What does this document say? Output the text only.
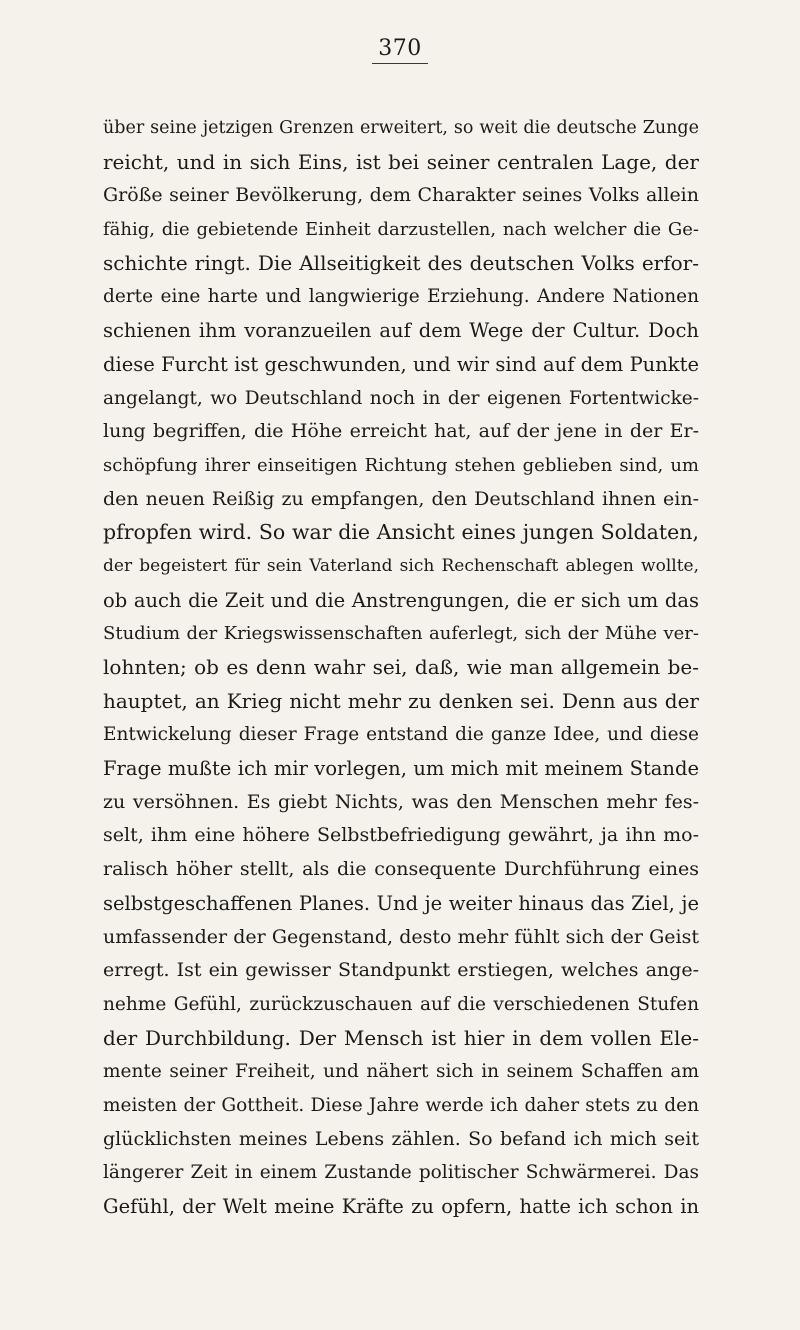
370
über seine jetzigen Grenzen erweitert, so weit die deutsche Zunge
reicht, und in sich Eins, ist bei seiner centralen Lage, der
Größe seiner Bevölkerung, dem Charakter seines Volks allein
fähig, die gebietende Einheit darzustellen, nach welcher die Ge-
schichte ringt. Die Allseitigkeit des deutschen Volks erfor-
derte eine harte und langwierige Erziehung. Andere Nationen
schienen ihm voranzueilen auf dem Wege der Cultur. Doch
diese Furcht ist geschwunden, und wir sind auf dem Punkte
angelangt, wo Deutschland noch in der eigenen Fortentwicke-
lung begriffen, die Höhe erreicht hat, auf der jene in der Er-
schöpfung ihrer einseitigen Richtung stehen geblieben sind, um
den neuen Reißig zu empfangen, den Deutschland ihnen ein-
pfropfen wird. So war die Ansicht eines jungen Soldaten,
der begeistert für sein Vaterland sich Rechenschaft ablegen wollte,
ob auch die Zeit und die Anstrengungen, die er sich um das
Studium der Kriegswissenschaften auferlegt, sich der Mühe ver-
lohnten; ob es denn wahr sei, daß, wie man allgemein be-
hauptet, an Krieg nicht mehr zu denken sei. Denn aus der
Entwickelung dieser Frage entstand die ganze Idee, und diese
Frage mußte ich mir vorlegen, um mich mit meinem Stande
zu versöhnen. Es giebt Nichts, was den Menschen mehr fes-
selt, ihm eine höhere Selbstbefriedigung gewährt, ja ihn mo-
ralisch höher stellt, als die consequente Durchführung eines
selbstgeschaffenen Planes. Und je weiter hinaus das Ziel, je
umfassender der Gegenstand, desto mehr fühlt sich der Geist
erregt. Ist ein gewisser Standpunkt erstiegen, welches ange-
nehme Gefühl, zurückzuschauen auf die verschiedenen Stufen
der Durchbildung. Der Mensch ist hier in dem vollen Ele-
mente seiner Freiheit, und nähert sich in seinem Schaffen am
meisten der Gottheit. Diese Jahre werde ich daher stets zu den
glücklichsten meines Lebens zählen. So befand ich mich seit
längerer Zeit in einem Zustande politischer Schwärmerei. Das
Gefühl, der Welt meine Kräfte zu opfern, hatte ich schon in
